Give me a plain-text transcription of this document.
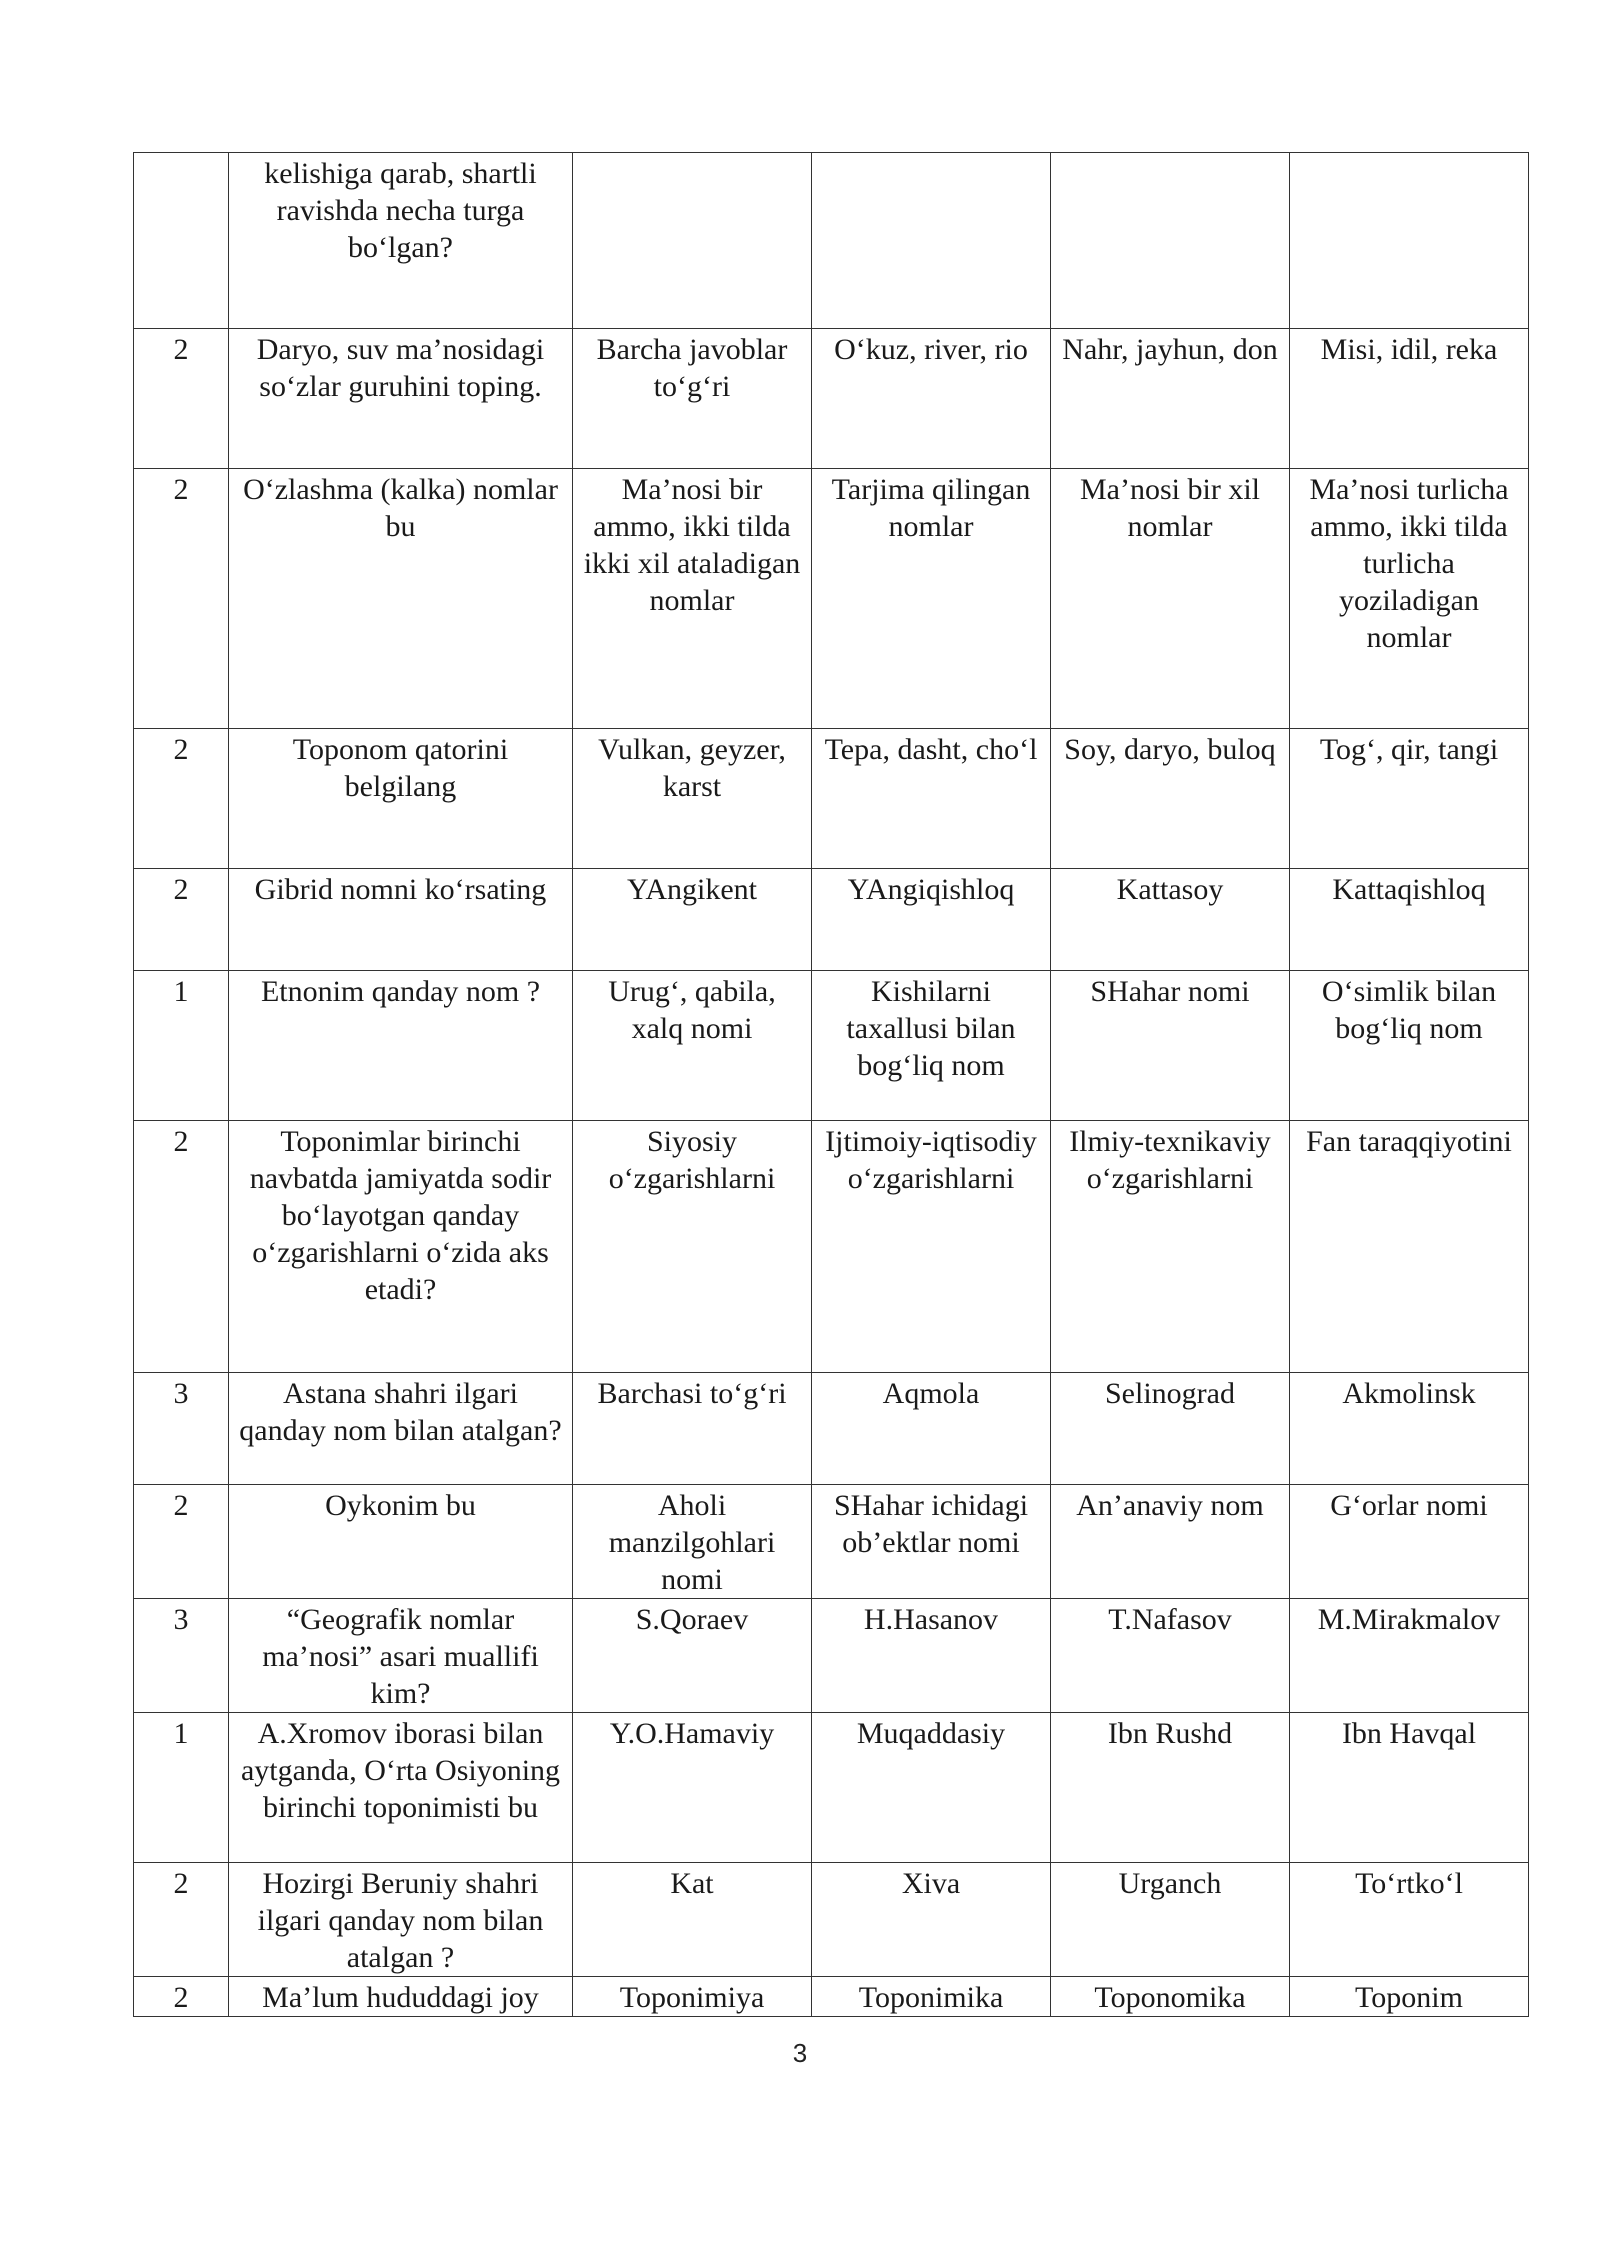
	kelishiga qarab, shartli ravishda necha turga bo‘lgan?				
2	Daryo, suv ma’nosidagi so‘zlar guruhini toping.	Barcha javoblar to‘g‘ri	O‘kuz, river, rio	Nahr, jayhun, don	Misi, idil, reka
2	O‘zlashma (kalka) nomlar bu	Ma’nosi bir ammo, ikki tilda ikki xil ataladigan nomlar	Tarjima qilingan nomlar	Ma’nosi bir xil nomlar	Ma’nosi turlicha ammo, ikki tilda turlicha yoziladigan nomlar
2	Toponom qatorini belgilang	Vulkan, geyzer, karst	Tepa, dasht, cho‘l	Soy, daryo, buloq	Tog‘, qir, tangi
2	Gibrid nomni ko‘rsating	YAngikent	YAngiqishloq	Kattasoy	Kattaqishloq
1	Etnonim qanday nom ?	Urug‘, qabila, xalq nomi	Kishilarni taxallusi bilan bog‘liq nom	SHahar nomi	O‘simlik bilan bog‘liq nom
2	Toponimlar birinchi navbatda jamiyatda sodir bo‘layotgan qanday o‘zgarishlarni o‘zida aks etadi?	Siyosiy o‘zgarishlarni	Ijtimoiy-iqtisodiy o‘zgarishlarni	Ilmiy-texnikaviy o‘zgarishlarni	Fan taraqqiyotini
3	Astana shahri ilgari qanday nom bilan atalgan?	Barchasi to‘g‘ri	Aqmola	Selinograd	Akmolinsk
2	Oykonim bu	Aholi manzilgohlari nomi	SHahar ichidagi ob’ektlar nomi	An’anaviy nom	G‘orlar nomi
3	“Geografik nomlar ma’nosi” asari muallifi kim?	S.Qoraev	H.Hasanov	T.Nafasov	M.Mirakmalov
1	A.Xromov iborasi bilan aytganda, O‘rta Osiyoning birinchi toponimisti bu	Y.O.Hamaviy	Muqaddasiy	Ibn Rushd	Ibn Havqal
2	Hozirgi Beruniy shahri ilgari qanday nom bilan atalgan ?	Kat	Xiva	Urganch	To‘rtko‘l
2	Ma’lum hududdagi joy	Toponimiya	Toponimika	Toponomika	Toponim
3
